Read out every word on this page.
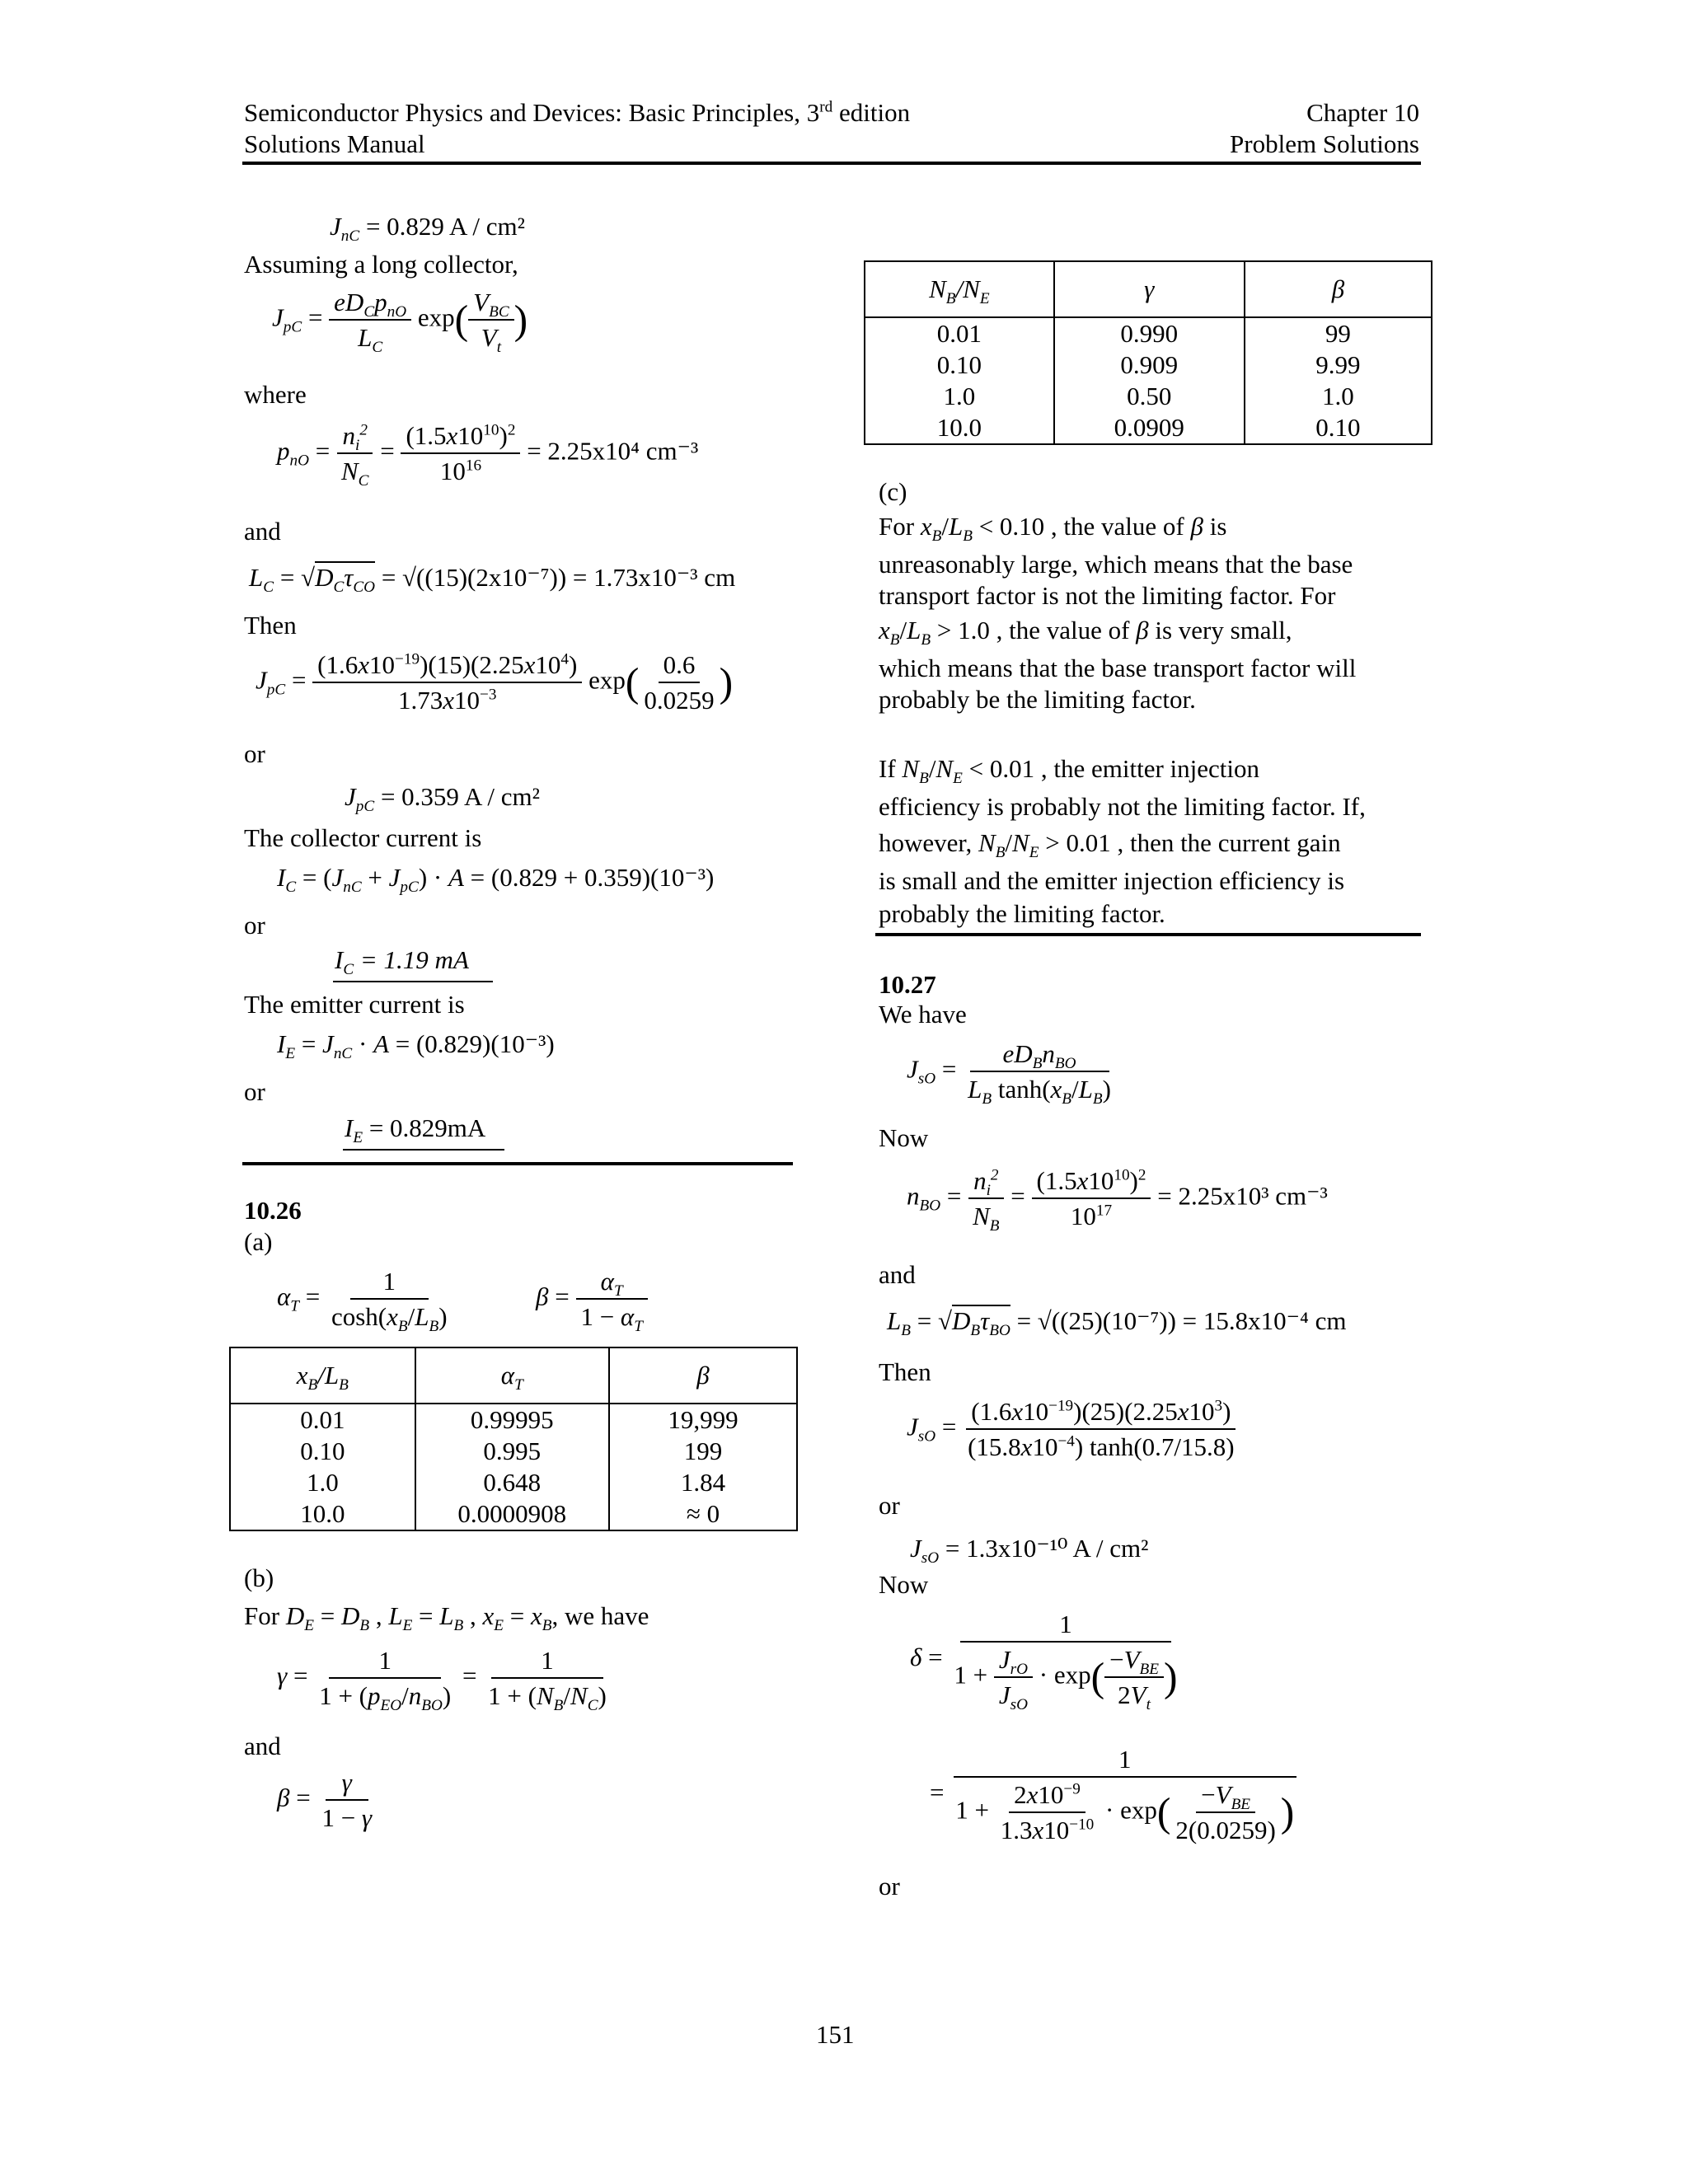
Semiconductor Physics and Devices: Basic Principles, 3rd edition
Solutions Manual
Chapter 10
Problem Solutions
$J_{nC} = 0.829$ A / cm²
Assuming a long collector,
$J_{pC} = \frac{eD_Cp_{nO}}{L_C} \exp( \frac{V_{BC}}{V_t}$ )
where
$p_{nO} = \frac{n_i^2}{N_C} = \frac{(1.5x10^{10})^2}{10^{16}} = 2.25x10^4$ cm⁻³
and
$L_C = √D_C\tau_{CO} = √((15)(2x10^{-7})) = 1.73x10^{-3}$ cm
Then
$J_{pC} = \frac{(1.6x10^{-19})(15)(2.25x10^4)}{1.73x10^{-3}} \exp( \frac{0.6}{0.0259}$ )
or
$J_{pC} = 0.359$ A / cm²
The collector current is
$I_C = (J_{nC} + J_{pC}) \cdot A = (0.829 + 0.359)(10^{-3})$
or
$I_C = 1.19$ mA
The emitter current is
$I_E = J_{nC} \cdot A = (0.829)(10^{-3})$
or
$I_E = 0.829mA$
10.26
(a)
$\alpha_T = \frac{1}{\cosh(x_B/L_B)}$	$\beta = \frac{\alpha_T}{1 - \alpha_T}$
$x_B/L_B$	$\alpha_T$	β
0.01	0.99995	19,999
0.10	0.995	199
1.0	0.648	1.84
10.0	0.0000908	≈ 0
(b)
For $D_E = D_B$ , $L_E = L_B$ , $x_E = x_B$, we have
$\gamma = \frac{1}{1 + (p_{EO}/n_{BO})} = \frac{1}{1 + (N_B/N_C)}$
and
$\beta = \frac{\gamma}{1 - \gamma}$
$N_B/N_E$	γ	β
0.01	0.990	99
0.10	0.909	9.99
1.0	0.50	1.0
10.0	0.0909	0.10
(c)
For $x_B/L_B < 0.10$ , the value of β is
unreasonably large, which means that the base
transport factor is not the limiting factor. For
$x_B/L_B > 1.0$ , the value of β is very small,
which means that the base transport factor will
probably be the limiting factor.
If $N_B/N_E < 0.01$ , the emitter injection
efficiency is probably not the limiting factor. If,
however, $N_B/N_E > 0.01$ , then the current gain
is small and the emitter injection efficiency is
probably the limiting factor.
10.27
We have
$J_{sO} = \frac{eD_Bn_{BO}}{L_B \tanh(x_B/L_B)}$
Now
$n_{BO} = \frac{n_i^2}{N_B} = \frac{(1.5x10^{10})^2}{10^{17}} = 2.25x10^3$ cm⁻³
and
$L_B = √D_B\tau_{BO} = √((25)(10^{-7})) = 15.8x10^{-4}$ cm
Then
$J_{sO} = \frac{(1.6x10^{-19})(25)(2.25x10^3)}{(15.8x10^{-4}) \tanh(0.7/15.8)}$
or
$J_{sO} = 1.3x10^{-10}$ A / cm²
Now
$\delta = \frac{1}{1 + \frac{J_{rO}}{J_{sO}} \cdot \exp( \frac{-V_{BE}}{2V_t} )}$
= $\frac{1}{1 + \frac{2x10^{-9}}{1.3x10^{-10}} \cdot \exp( \frac{-V_{BE}}{2(0.0259)} )}$
or
151
